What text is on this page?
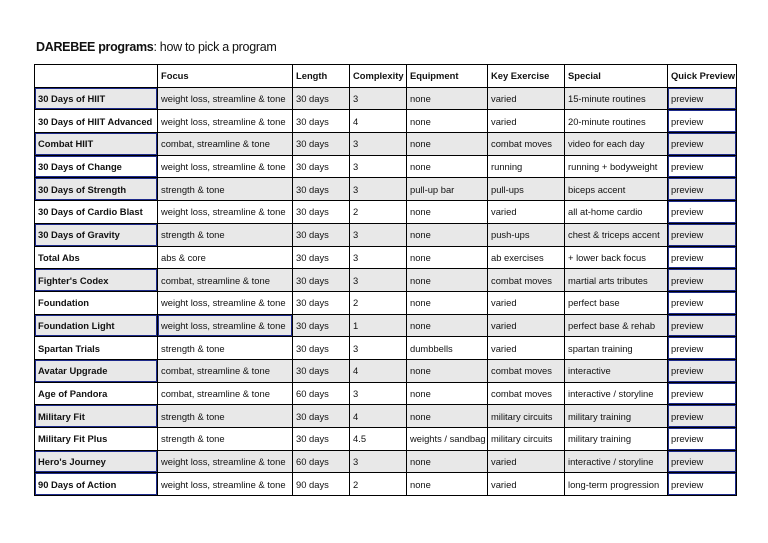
DAREBEE programs: how to pick a program
	Focus	Length	Complexity	Equipment	Key Exercise	Special	Quick Preview
30 Days of HIIT	weight loss, streamline & tone	30 days	3	none	varied	15-minute routines	preview
30 Days of HIIT Advanced	weight loss, streamline & tone	30 days	4	none	varied	20-minute routines	preview
Combat HIIT	combat, streamline & tone	30 days	3	none	combat moves	video for each day	preview
30 Days of Change	weight loss, streamline & tone	30 days	3	none	running	running + bodyweight	preview
30 Days of Strength	strength & tone	30 days	3	pull-up bar	pull-ups	biceps accent	preview
30 Days of Cardio Blast	weight loss, streamline & tone	30 days	2	none	varied	all at-home cardio	preview
30 Days of Gravity	strength & tone	30 days	3	none	push-ups	chest & triceps accent	preview
Total Abs	abs & core	30 days	3	none	ab exercises	+ lower back focus	preview
Fighter's Codex	combat, streamline & tone	30 days	3	none	combat moves	martial arts tributes	preview
Foundation	weight loss, streamline & tone	30 days	2	none	varied	perfect base	preview
Foundation Light	weight loss, streamline & tone	30 days	1	none	varied	perfect base & rehab	preview
Spartan Trials	strength & tone	30 days	3	dumbbells	varied	spartan training	preview
Avatar Upgrade	combat, streamline & tone	30 days	4	none	combat moves	interactive	preview
Age of Pandora	combat, streamline & tone	60 days	3	none	combat moves	interactive / storyline	preview
Military Fit	strength & tone	30 days	4	none	military circuits	military training	preview
Military Fit Plus	strength & tone	30 days	4.5	weights / sandbag	military circuits	military training	preview
Hero's Journey	weight loss, streamline & tone	60 days	3	none	varied	interactive / storyline	preview
90 Days of Action	weight loss, streamline & tone	90 days	2	none	varied	long-term progression	preview
